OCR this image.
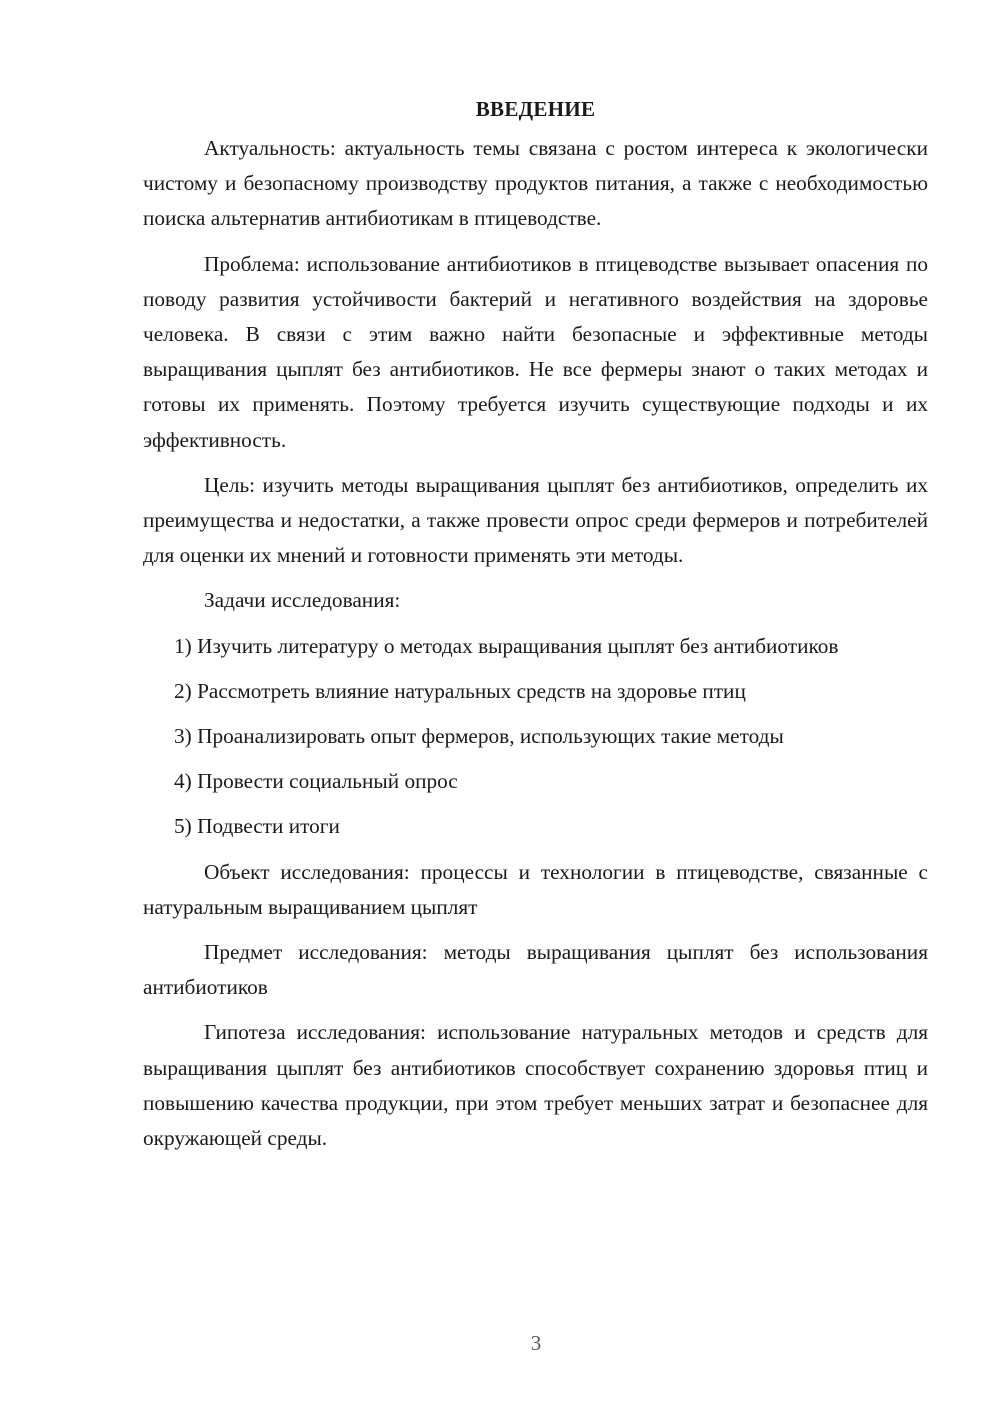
ВВЕДЕНИЕ

Актуальность: актуальность темы связана с ростом интереса к экологически чистому и безопасному производству продуктов питания, а также с необходимостью поиска альтернатив антибиотикам в птицеводстве.

Проблема: использование антибиотиков в птицеводстве вызывает опасения по поводу развития устойчивости бактерий и негативного воздействия на здоровье человека. В связи с этим важно найти безопасные и эффективные методы выращивания цыплят без антибиотиков. Не все фермеры знают о таких методах и готовы их применять. Поэтому требуется изучить существующие подходы и их эффективность.

Цель: изучить методы выращивания цыплят без антибиотиков, определить их преимущества и недостатки, а также провести опрос среди фермеров и потребителей для оценки их мнений и готовности применять эти методы.

Задачи исследования:

1) Изучить литературу о методах выращивания цыплят без антибиотиков

2) Рассмотреть влияние натуральных средств на здоровье птиц

3) Проанализировать опыт фермеров, использующих такие методы

4) Провести социальный опрос

5) Подвести итоги

Объект исследования: процессы и технологии в птицеводстве, связанные с натуральным выращиванием цыплят

Предмет исследования: методы выращивания цыплят без использования антибиотиков

Гипотеза исследования: использование натуральных методов и средств для выращивания цыплят без антибиотиков способствует сохранению здоровья птиц и повышению качества продукции, при этом требует меньших затрат и безопаснее для окружающей среды.

3
